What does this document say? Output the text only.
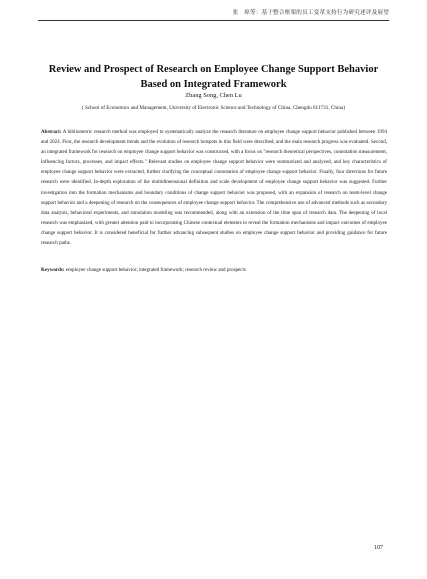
张　琼等：基于整合框架的员工变革支持行为研究述评及展望
Review and Prospect of Research on Employee Change Support Behavior Based on Integrated Framework
Zhang Song, Chen Lu
( School of Economics and Management, University of Electronic Science and Technology of China, Chengdu 611731, China)

Abstract: A bibliometric research method was employed to systematically analyze the research literature on employee change support behavior published between 1994 and 2024. First, the research development trends and the evolution of research hotspots in this field were described, and the main research progress was evaluated. Second, an integrated framework for research on employee change support behavior was constructed, with a focus on "research theoretical perspectives, connotation measurement, influencing factors, processes, and impact effects." Relevant studies on employee change support behavior were summarized and analyzed, and key characteristics of employee change support behavior were extracted, further clarifying the conceptual connotation of employee change support behavior. Finally, four directions for future research were identified. In-depth exploration of the multidimensional definition and scale development of employee change support behavior was suggested. Further investigation into the formation mechanisms and boundary conditions of change support behavior was proposed, with an expansion of research on team-level change support behavior and a deepening of research on the consequences of employee change support behavior. The comprehensive use of advanced methods such as secondary data analysis, behavioral experiments, and simulation modeling was recommended, along with an extension of the time span of research data. The deepening of local research was emphasized, with greater attention paid to incorporating Chinese contextual elements to reveal the formation mechanisms and impact outcomes of employee change support behavior. It is considered beneficial for further advancing subsequent studies on employee change support behavior and providing guidance for future research paths.

Keywords: employee change support behavior; integrated framework; research review and prospects

107
